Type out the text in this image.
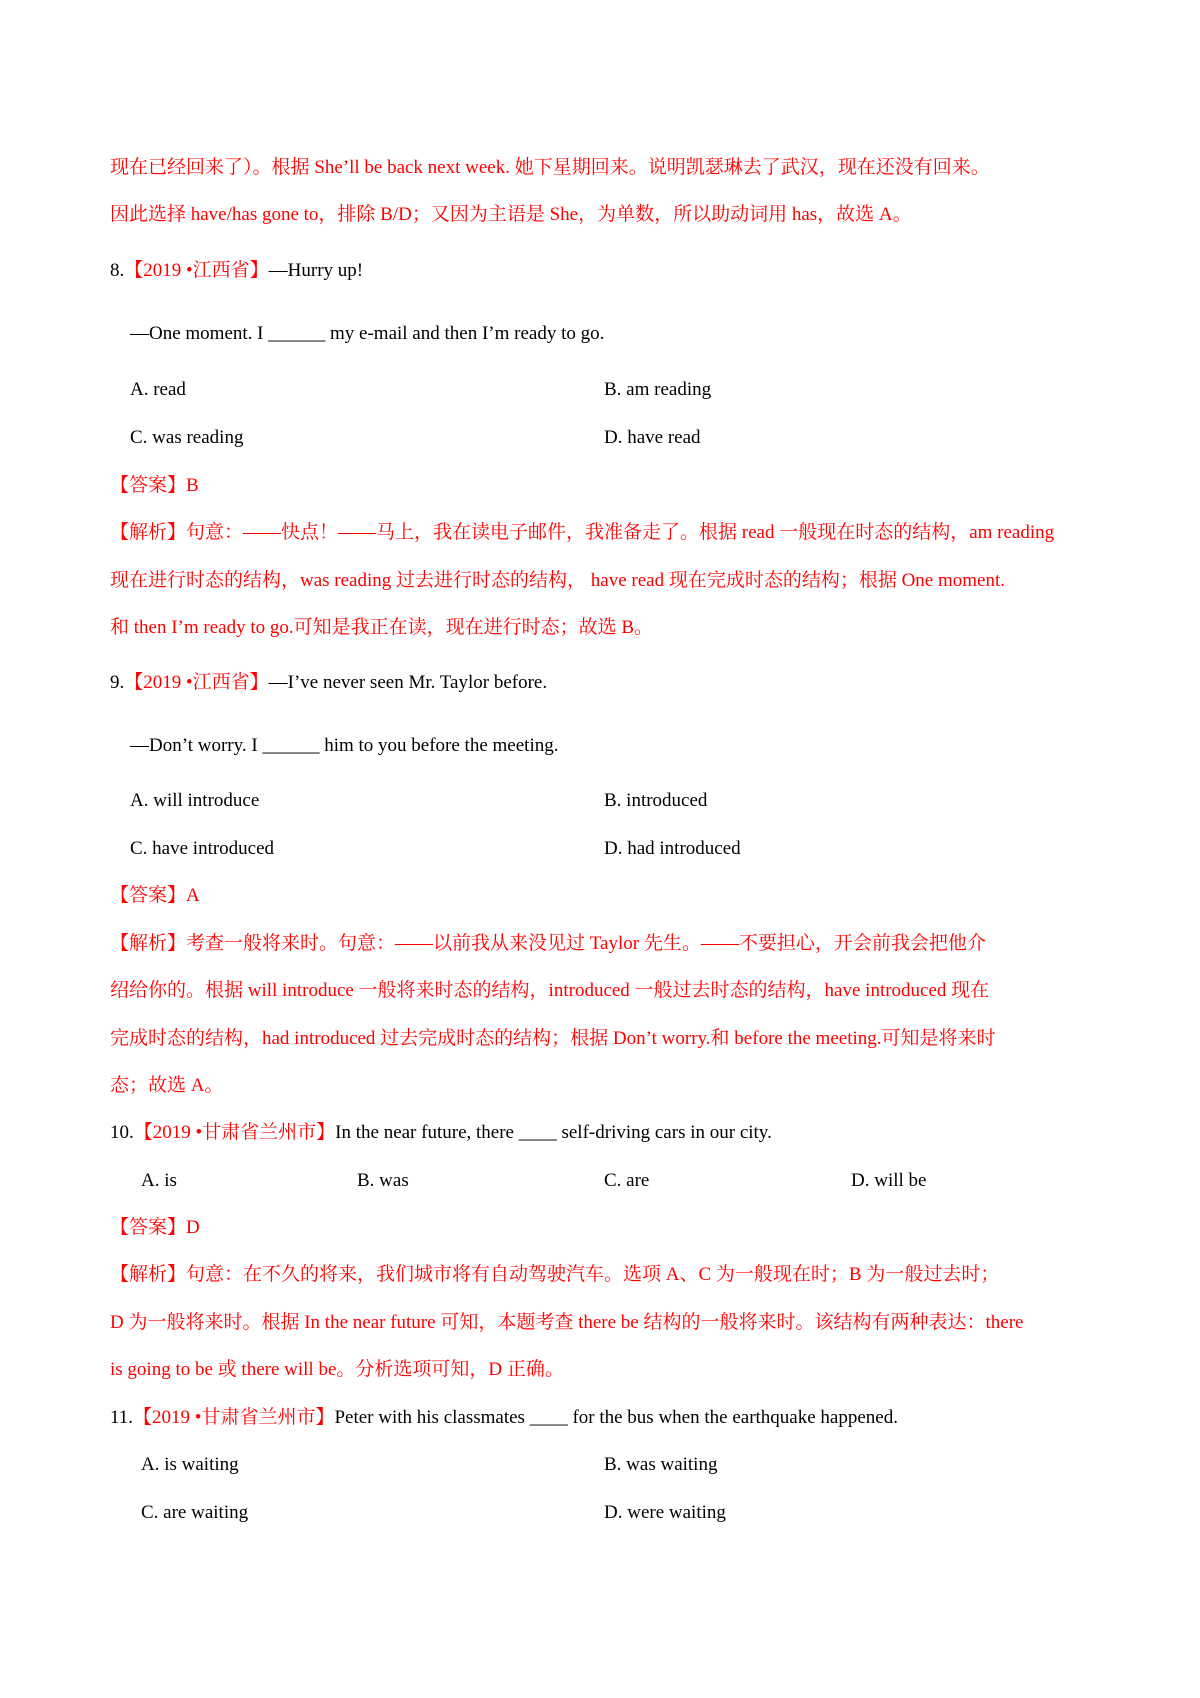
现在已经回来了）。根据 She’ll be back next week. 她下星期回来。说明凯瑟琳去了武汉，现在还没有回来。
因此选择 have/has gone to，排除 B/D；又因为主语是 She，为单数，所以助动词用 has，故选 A。
8.【2019 •江西省】—Hurry up!
—One moment. I ______ my e-mail and then I’m ready to go.
A. read	B. am reading
C. was reading	D. have read
【答案】B
【解析】句意：——快点！——马上，我在读电子邮件，我准备走了。根据 read 一般现在时态的结构，am reading
现在进行时态的结构，was reading 过去进行时态的结构， have read 现在完成时态的结构；根据 One moment.
和 then I’m ready to go.可知是我正在读，现在进行时态；故选 B。
9.【2019 •江西省】—I’ve never seen Mr. Taylor before.
—Don’t worry. I ______ him to you before the meeting.
A. will introduce	B. introduced
C. have introduced	D. had introduced
【答案】A
【解析】考查一般将来时。句意：——以前我从来没见过 Taylor 先生。——不要担心，开会前我会把他介
绍给你的。根据 will introduce 一般将来时态的结构，introduced 一般过去时态的结构，have introduced 现在
完成时态的结构，had introduced 过去完成时态的结构；根据 Don’t worry.和 before the meeting.可知是将来时
态；故选 A。
10.【2019 •甘肃省兰州市】In the near future, there ____ self-driving cars in our city.
A. is	B. was	C. are	D. will be
【答案】D
【解析】句意：在不久的将来，我们城市将有自动驾驶汽车。选项 A、C 为一般现在时；B 为一般过去时；
D 为一般将来时。根据 In the near future 可知，本题考查 there be 结构的一般将来时。该结构有两种表达：there
is going to be 或 there will be。分析选项可知，D 正确。
11.【2019 •甘肃省兰州市】Peter with his classmates ____ for the bus when the earthquake happened.
A. is waiting	B. was waiting
C. are waiting	D. were waiting
